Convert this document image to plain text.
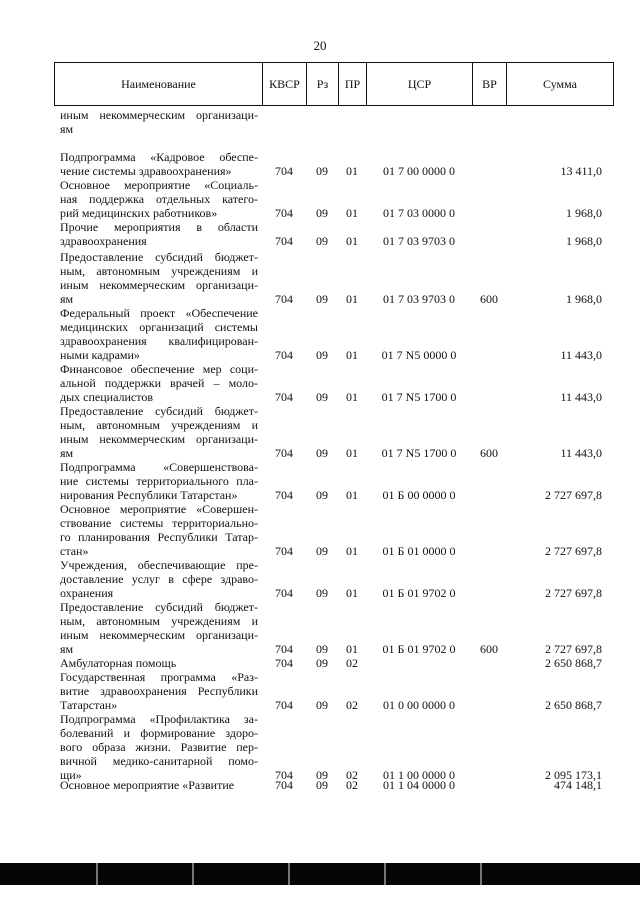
20
Наименование	КВСР	Рз	ПР	ЦСР	ВР	Сумма
иным некоммерческим организаци-
ям
Подпрограмма «Кадровое обеспе-
чение системы здравоохранения»	704	09	01	01 7 00 0000 0	13 411,0
Основное мероприятие «Социаль-
ная поддержка отдельных катего-
рий медицинских работников»	704	09	01	01 7 03 0000 0	1 968,0
Прочие мероприятия в области
здравоохранения	704	09	01	01 7 03 9703 0	1 968,0
Предоставление субсидий бюджет-
ным, автономным учреждениям и
иным некоммерческим организаци-
ям	704	09	01	01 7 03 9703 0	600	1 968,0
Федеральный проект «Обеспечение
медицинских организаций системы
здравоохранения квалифицирован-
ными кадрами»	704	09	01	01 7 N5 0000 0	11 443,0
Финансовое обеспечение мер соци-
альной поддержки врачей – моло-
дых специалистов	704	09	01	01 7 N5 1700 0	11 443,0
Предоставление субсидий бюджет-
ным, автономным учреждениям и
иным некоммерческим организаци-
ям	704	09	01	01 7 N5 1700 0	600	11 443,0
Подпрограмма «Совершенствова-
ние системы территориального пла-
нирования Республики Татарстан»	704	09	01	01 Б 00 0000 0	2 727 697,8
Основное мероприятие «Совершен-
ствование системы территориально-
го планирования Республики Татар-
стан»	704	09	01	01 Б 01 0000 0	2 727 697,8
Учреждения, обеспечивающие пре-
доставление услуг в сфере здраво-
охранения	704	09	01	01 Б 01 9702 0	2 727 697,8
Предоставление субсидий бюджет-
ным, автономным учреждениям и
иным некоммерческим организаци-
ям	704	09	01	01 Б 01 9702 0	600	2 727 697,8
Амбулаторная помощь	704	09	02	2 650 868,7
Государственная программа «Раз-
витие здравоохранения Республики
Татарстан»	704	09	02	01 0 00 0000 0	2 650 868,7
Подпрограмма «Профилактика за-
болеваний и формирование здоро-
вого образа жизни. Развитие пер-
вичной медико-санитарной помо-
щи»	704	09	02	01 1 00 0000 0	2 095 173,1
Основное мероприятие «Развитие	704	09	02	01 1 04 0000 0	474 148,1
